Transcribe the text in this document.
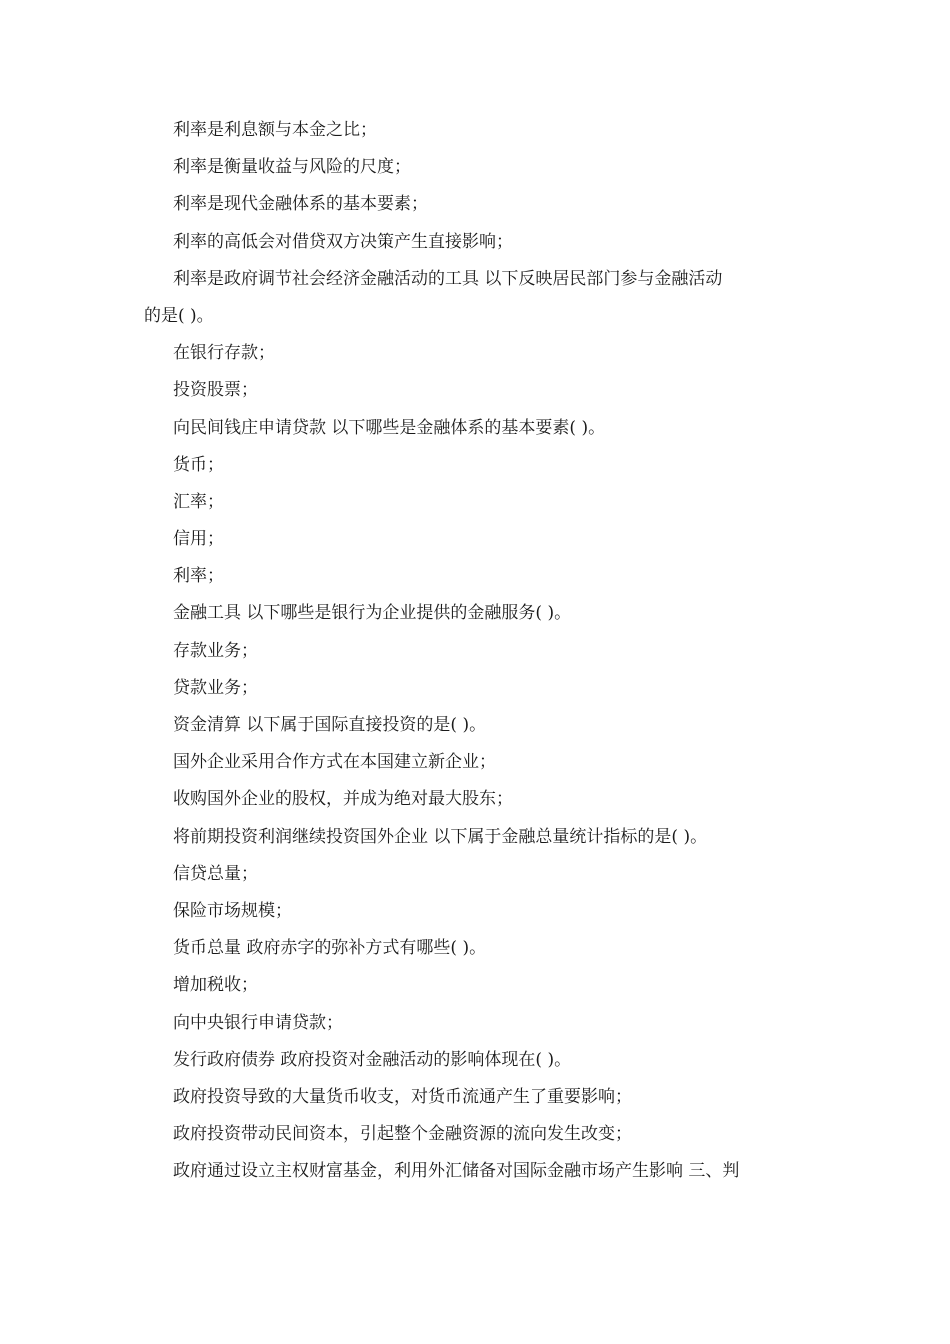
利率是利息额与本金之比；
利率是衡量收益与风险的尺度；
利率是现代金融体系的基本要素；
利率的高低会对借贷双方决策产生直接影响；
利率是政府调节社会经济金融活动的工具 以下反映居民部门参与金融活动
的是( )。
在银行存款；
投资股票；
向民间钱庄申请贷款 以下哪些是金融体系的基本要素( )。
货币；
汇率；
信用；
利率；
金融工具 以下哪些是银行为企业提供的金融服务( )。
存款业务；
贷款业务；
资金清算 以下属于国际直接投资的是( )。
国外企业采用合作方式在本国建立新企业；
收购国外企业的股权，并成为绝对最大股东；
将前期投资利润继续投资国外企业 以下属于金融总量统计指标的是( )。
信贷总量；
保险市场规模；
货币总量 政府赤字的弥补方式有哪些( )。
增加税收；
向中央银行申请贷款；
发行政府债券 政府投资对金融活动的影响体现在( )。
政府投资导致的大量货币收支，对货币流通产生了重要影响；
政府投资带动民间资本，引起整个金融资源的流向发生改变；
政府通过设立主权财富基金，利用外汇储备对国际金融市场产生影响 三、判
